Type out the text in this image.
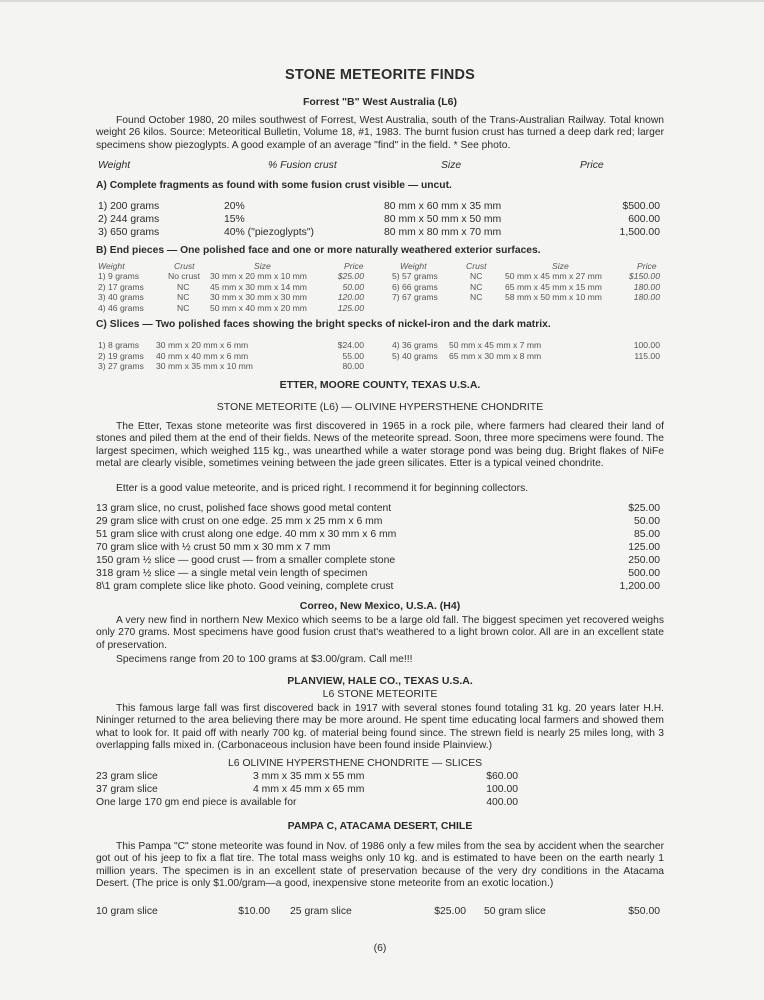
STONE METEORITE FINDS
Forrest "B" West Australia (L6)
Found October 1980, 20 miles southwest of Forrest, West Australia, south of the Trans-Australian Railway. Total known weight 26 kilos. Source: Meteoritical Bulletin, Volume 18, #1, 1983. The burnt fusion crust has turned a deep dark red; larger specimens show piezoglypts. A good example of an average "find" in the field. * See photo.
Weight	% Fusion crust	Size	Price
A) Complete fragments as found with some fusion crust visible — uncut.
1) 200 grams	20%	80 mm x 60 mm x 35 mm	$500.00
2) 244 grams	15%	80 mm x 50 mm x 50 mm	600.00
3) 650 grams	40% ("piezoglypts")	80 mm x 80 mm x 70 mm	1,500.00
B) End pieces — One polished face and one or more naturally weathered exterior surfaces.
Weight	Crust	Size	Price	Weight	Crust	Size	Price
1) 9 grams	No crust 30 mm x 20 mm x 10 mm	$25.00	5) 57 grams	NC	50 mm x 45 mm x 27 mm	$150.00
2) 17 grams	NC 45 mm x 30 mm x 14 mm	50.00	6) 66 grams	NC	65 mm x 45 mm x 15 mm	180.00
3) 40 grams	NC 30 mm x 30 mm x 30 mm	120.00	7) 67 grams	NC	58 mm x 50 mm x 10 mm	180.00
4) 46 grams	NC 50 mm x 40 mm x 20 mm	125.00
C) Slices — Two polished faces showing the bright specks of nickel-iron and the dark matrix.
1) 8 grams 30 mm x 20 mm x 6 mm	$24.00	4) 36 grams 50 mm x 45 mm x 7 mm	100.00
2) 19 grams 40 mm x 40 mm x 6 mm	55.00	5) 40 grams 65 mm x 30 mm x 8 mm	115.00
3) 27 grams 30 mm x 35 mm x 10 mm	80.00
ETTER, MOORE COUNTY, TEXAS U.S.A.
STONE METEORITE (L6) — OLIVINE HYPERSTHENE CHONDRITE
The Etter, Texas stone meteorite was first discovered in 1965 in a rock pile, where farmers had cleared their land of stones and piled them at the end of their fields. News of the meteorite spread. Soon, three more specimens were found. The largest specimen, which weighed 115 kg., was unearthed while a water storage pond was being dug. Bright flakes of NiFe metal are clearly visible, sometimes veining between the jade green silicates. Etter is a typical veined chondrite.
Etter is a good value meteorite, and is priced right. I recommend it for beginning collectors.
13 gram slice, no crust, polished face shows good metal content	$25.00
29 gram slice with crust on one edge. 25 mm x 25 mm x 6 mm	50.00
51 gram slice with crust along one edge. 40 mm x 30 mm x 6 mm	85.00
70 gram slice with ½ crust 50 mm x 30 mm x 7 mm	125.00
150 gram ½ slice — good crust — from a smaller complete stone	250.00
318 gram ½ slice — a single metal vein length of specimen	500.00
8\1 gram complete slice like photo. Good veining, complete crust	1,200.00
Correo, New Mexico, U.S.A. (H4)
A very new find in northern New Mexico which seems to be a large old fall. The biggest specimen yet recovered weighs only 270 grams. Most specimens have good fusion crust that's weathered to a light brown color. All are in an excellent state of preservation.
Specimens range from 20 to 100 grams at $3.00/gram. Call me!!!
PLANVIEW, HALE CO., TEXAS U.S.A.
L6 STONE METEORITE
This famous large fall was first discovered back in 1917 with several stones found totaling 31 kg. 20 years later H.H. Nininger returned to the area believing there may be more around. He spent time educating local farmers and showed them what to look for. It paid off with nearly 700 kg. of material being found since. The strewn field is nearly 25 miles long, with 3 overlapping falls mixed in. (Carbonaceous inclusion have been found inside Plainview.)
L6 OLIVINE HYPERSTHENE CHONDRITE — SLICES
23 gram slice	3 mm x 35 mm x 55 mm	$60.00
37 gram slice	4 mm x 45 mm x 65 mm	100.00
One large 170 gm end piece is available for	400.00
PAMPA C, ATACAMA DESERT, CHILE
This Pampa "C" stone meteorite was found in Nov. of 1986 only a few miles from the sea by accident when the searcher got out of his jeep to fix a flat tire. The total mass weighs only 10 kg. and is estimated to have been on the earth nearly 1 million years. The specimen is in an excellent state of preservation because of the very dry conditions in the Atacama Desert. (The price is only $1.00/gram—a good, inexpensive stone meteorite from an exotic location.)
10 gram slice	$10.00 25 gram slice	$25.00 50 gram slice	$50.00
(6)
